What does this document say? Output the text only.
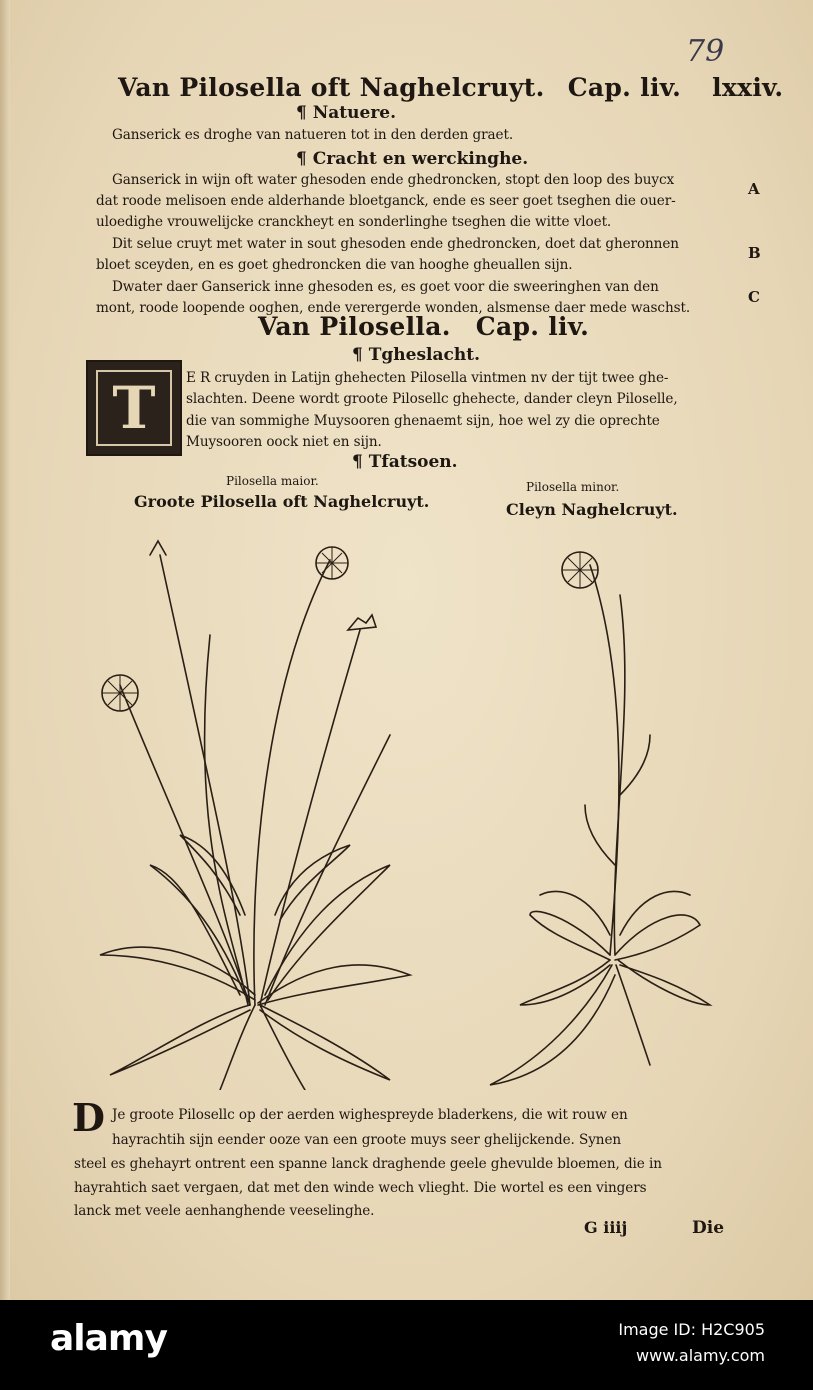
79
Van Pilosella oft Naghelcruyt. Cap. liv. lxxiv.
¶ Natuere.
Ganserick es droghe van natueren tot in den derden graet.
¶ Cracht en werckinghe.
Ganserick in wijn oft water ghesoden ende ghedroncken, stopt den loop des buycx
dat roode melisoen ende alderhande bloetganck, ende es seer goet tseghen die ouer-
uloedighe vrouwelijcke cranckheyt en sonderlinghe tseghen die witte vloet.
Dit selue cruyt met water in sout ghesoden ende ghedroncken, doet dat gheronnen
bloet sceyden, en es goet ghedroncken die van hooghe gheuallen sijn.
Dwater daer Ganserick inne ghesoden es, es goet voor die sweeringhen van den
mont, roode loopende ooghen, ende verergerde wonden, alsmense daer mede waschst.
A
B
C
Van Pilosella. Cap. liv.
¶ Tgheslacht.
T	E R cruyden in Latijn ghehecten Pilosella vintmen nv der tijt twee ghe-
slachten. Deene wordt groote Pilosellc ghehecte, dander cleyn Piloselle,
die van sommighe Muysooren ghenaemt sijn, hoe wel zy die oprechte
Muysooren oock niet en sijn.
¶ Tfatsoen.
Pilosella maior.
Groote Pilosella oft Naghelcruyt.
Pilosella minor.
Cleyn Naghelcruyt.
D Je groote Pilosellc op der aerden wighespreyde bladerkens, die wit rouw en
hayrachtih sijn eender ooze van een groote muys seer ghelijckende. Synen
steel es ghehayrt ontrent een spanne lanck draghende geele ghevulde bloemen, die in
hayrahtich saet vergaen, dat met den winde wech vlieght. Die wortel es een vingers
lanck met veele aenhanghende veeselinghe.
G iiij	Die
alamy	Image ID: H2C905
www.alamy.com
